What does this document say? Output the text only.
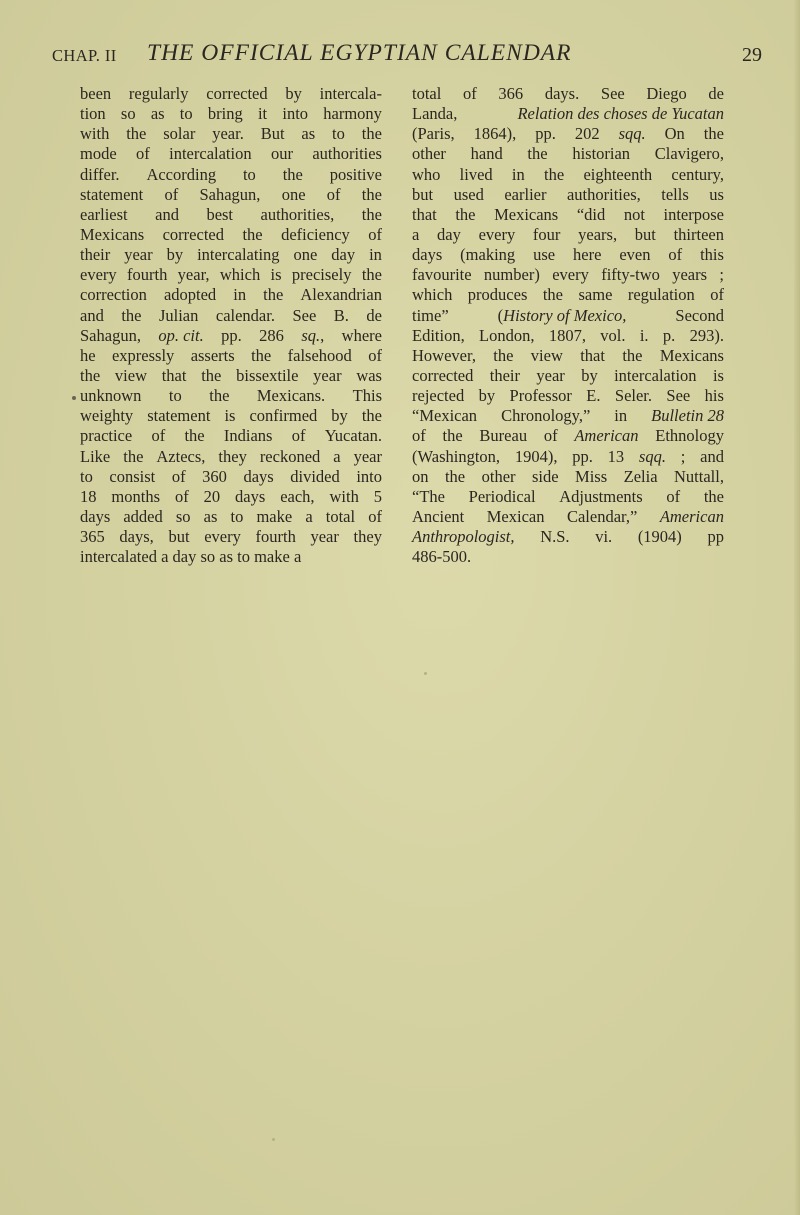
CHAP. II THE OFFICIAL EGYPTIAN CALENDAR	29
been regularly corrected by intercala-
tion so as to bring it into harmony
with the solar year. But as to the
mode of intercalation our authorities
differ. According to the positive
statement of Sahagun, one of the
earliest and best authorities, the
Mexicans corrected the deficiency of
their year by intercalating one day in
every fourth year, which is precisely the
correction adopted in the Alexandrian
and the Julian calendar. See B. de
Sahagun, op. cit. pp. 286 sq., where
he expressly asserts the falsehood of
the view that the bissextile year was
unknown to the Mexicans. This
weighty statement is confirmed by the
practice of the Indians of Yucatan.
Like the Aztecs, they reckoned a year
to consist of 360 days divided into
18 months of 20 days each, with 5
days added so as to make a total of
365 days, but every fourth year they
intercalated a day so as to make a
total of 366 days. See Diego de
Landa,	Relation des choses de Yucatan
(Paris, 1864), pp. 202 sqq. On the
other hand the historian Clavigero,
who lived in the eighteenth century,
but used earlier authorities, tells us
that the Mexicans “did not interpose
a day every four years, but thirteen
days (making use here even of this
favourite number) every fifty-two years ;
which produces the same regulation of
time”	(History of Mexico,	Second
Edition, London, 1807, vol. i. p. 293).
However, the view that the Mexicans
corrected their year by intercalation is
rejected by Professor E. Seler. See his
“Mexican Chronology,” in Bulletin 28
of the Bureau of American Ethnology
(Washington, 1904), pp. 13 sqq. ; and
on the other side Miss Zelia Nuttall,
“The Periodical Adjustments of the
Ancient Mexican Calendar,” American
Anthropologist, N.S. vi. (1904) pp
486-500.
